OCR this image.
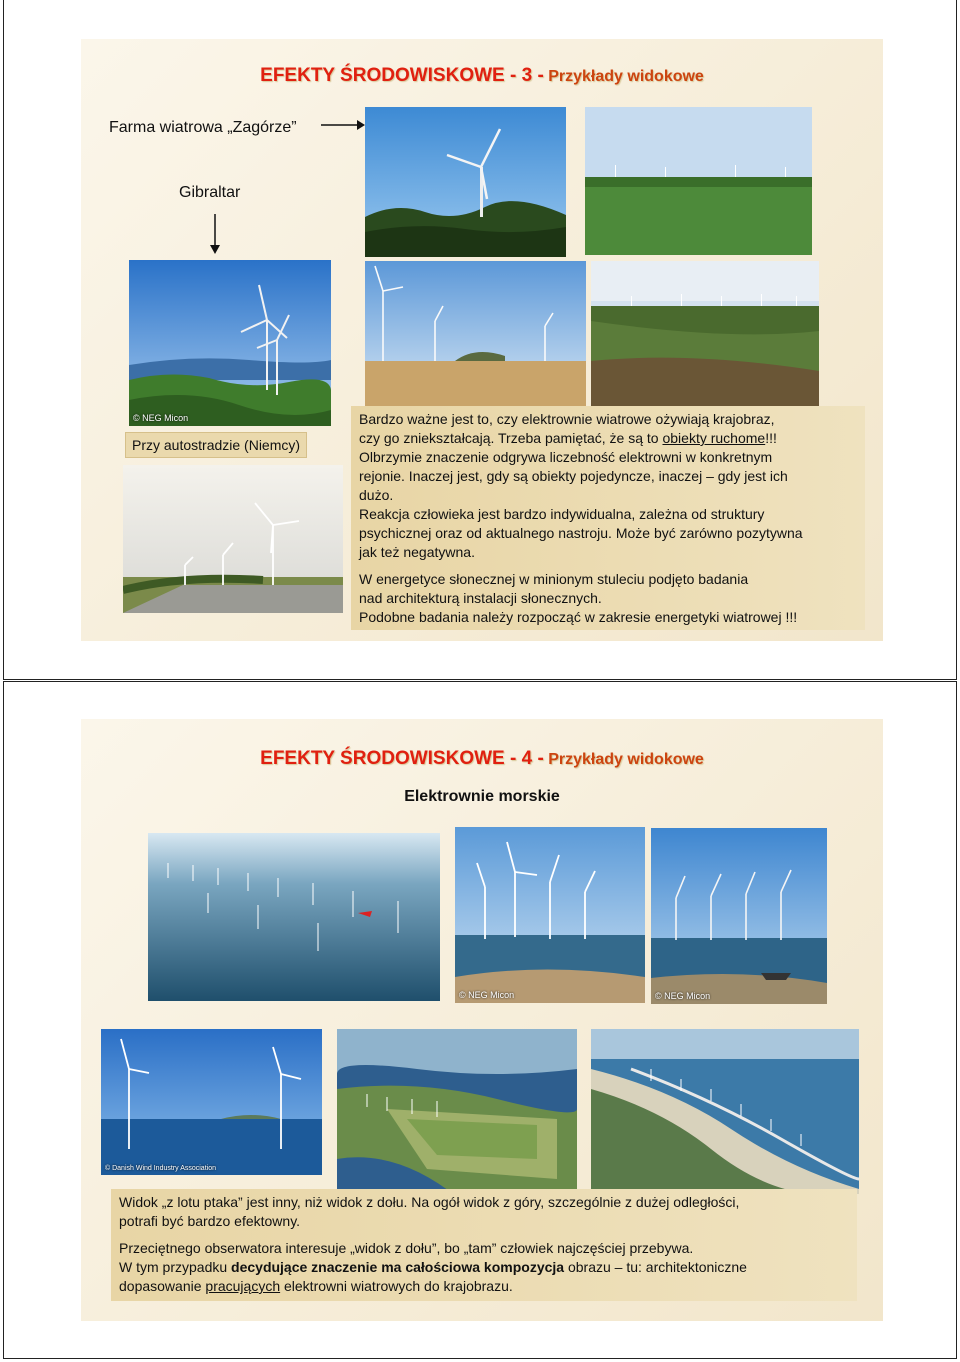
EFEKTY ŚRODOWISKOWE - 3 - Przykłady widokowe
Farma wiatrowa „Zagórze”
Gibraltar
© NEG Micon
Przy autostradzie (Niemcy)

Bardzo ważne jest to, czy elektrownie wiatrowe ożywiają krajobraz,

czy go zniekształcają. Trzeba pamiętać, że są to obiekty ruchome!!!

Olbrzymie znaczenie odgrywa liczebność elektrowni w konkretnym

rejonie. Inaczej jest, gdy są obiekty pojedyncze, inaczej – gdy jest ich

dużo.

Reakcja człowieka jest bardzo indywidualna, zależna od struktury

psychicznej oraz od aktualnego nastroju. Może być zarówno pozytywna

jak też negatywna.

W energetyce słonecznej w minionym stuleciu podjęto badania

nad architekturą instalacji słonecznych.

Podobne badania należy rozpocząć w zakresie energetyki wiatrowej !!!

EFEKTY ŚRODOWISKOWE - 4 - Przykłady widokowe
Elektrownie morskie
© NEG Micon	© NEG Micon
© Danish Wind Industry Association

Widok „z lotu ptaka” jest inny, niż widok z dołu. Na ogół widok z góry, szczególnie z dużej odległości,

potrafi być bardzo efektowny.

Przeciętnego obserwatora interesuje „widok z dołu”, bo „tam” człowiek najczęściej przebywa.

W tym przypadku decydujące znaczenie ma całościowa kompozycja obrazu – tu: architektoniczne

dopasowanie pracujących elektrowni wiatrowych do krajobrazu.
